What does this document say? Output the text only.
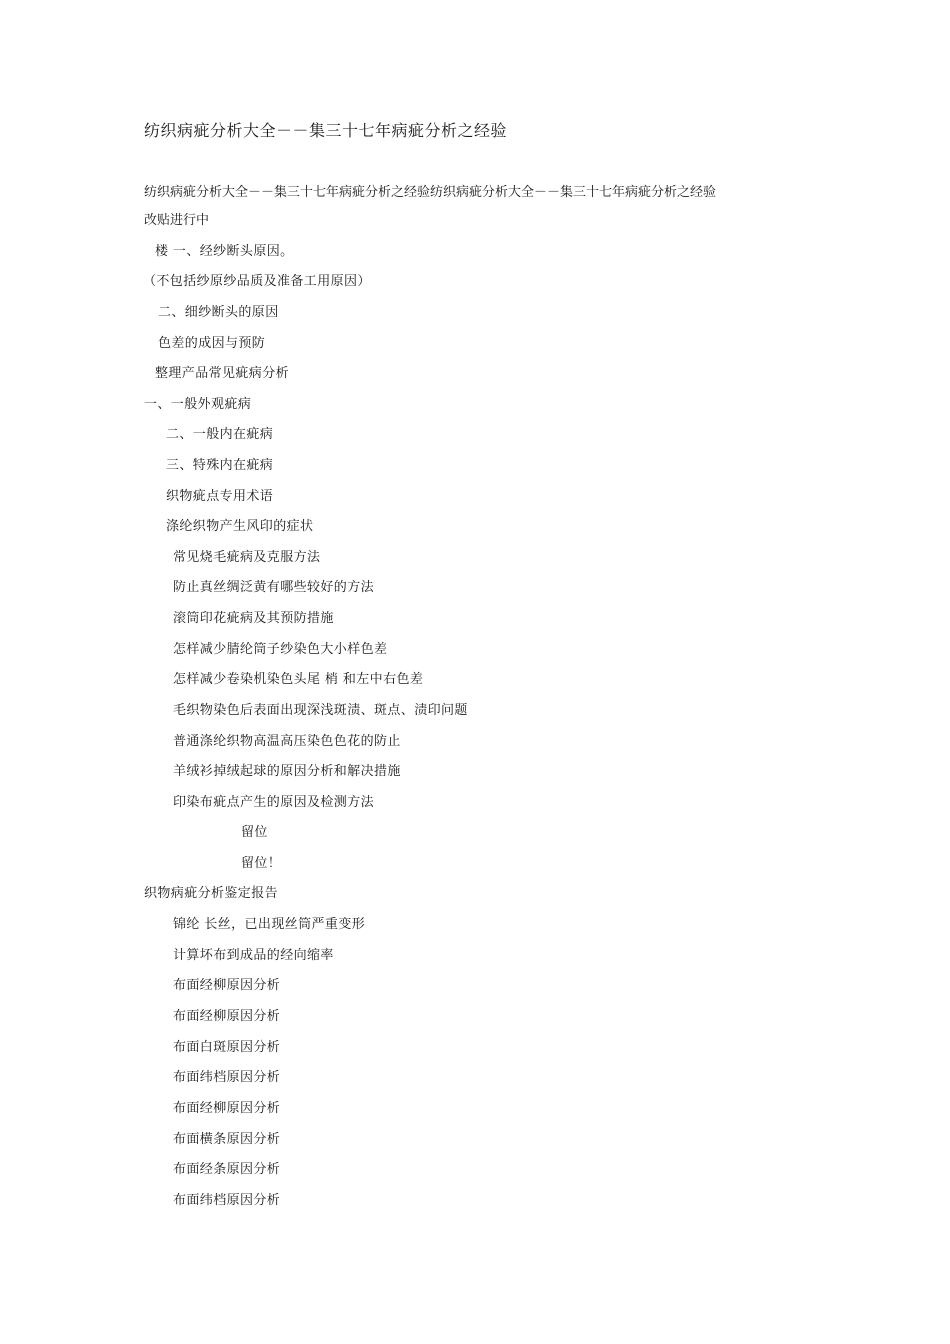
纺织病疵分析大全－－集三十七年病疵分析之经验
纺织病疵分析大全－－集三十七年病疵分析之经验纺织病疵分析大全－－集三十七年病疵分析之经验
改贴进行中
楼 一、经纱断头原因。
（不包括纱原纱品质及准备工用原因）
二、细纱断头的原因
色差的成因与预防
整理产品常见疵病分析
一、一般外观疵病
二、一般内在疵病
三、特殊内在疵病
织物疵点专用术语
涤纶织物产生风印的症状
常见烧毛疵病及克服方法
防止真丝绸泛黄有哪些较好的方法
滚筒印花疵病及其预防措施
怎样减少腈纶筒子纱染色大小样色差
怎样减少卷染机染色头尾 梢 和左中右色差
毛织物染色后表面出现深浅斑渍、斑点、渍印问题
普通涤纶织物高温高压染色色花的防止
羊绒衫掉绒起球的原因分析和解决措施
印染布疵点产生的原因及检测方法
留位
留位！
织物病疵分析鉴定报告
锦纶 长丝，已出现丝筒严重变形
计算坏布到成品的经向缩率
布面经柳原因分析
布面经柳原因分析
布面白斑原因分析
布面纬档原因分析
布面经柳原因分析
布面横条原因分析
布面经条原因分析
布面纬档原因分析
